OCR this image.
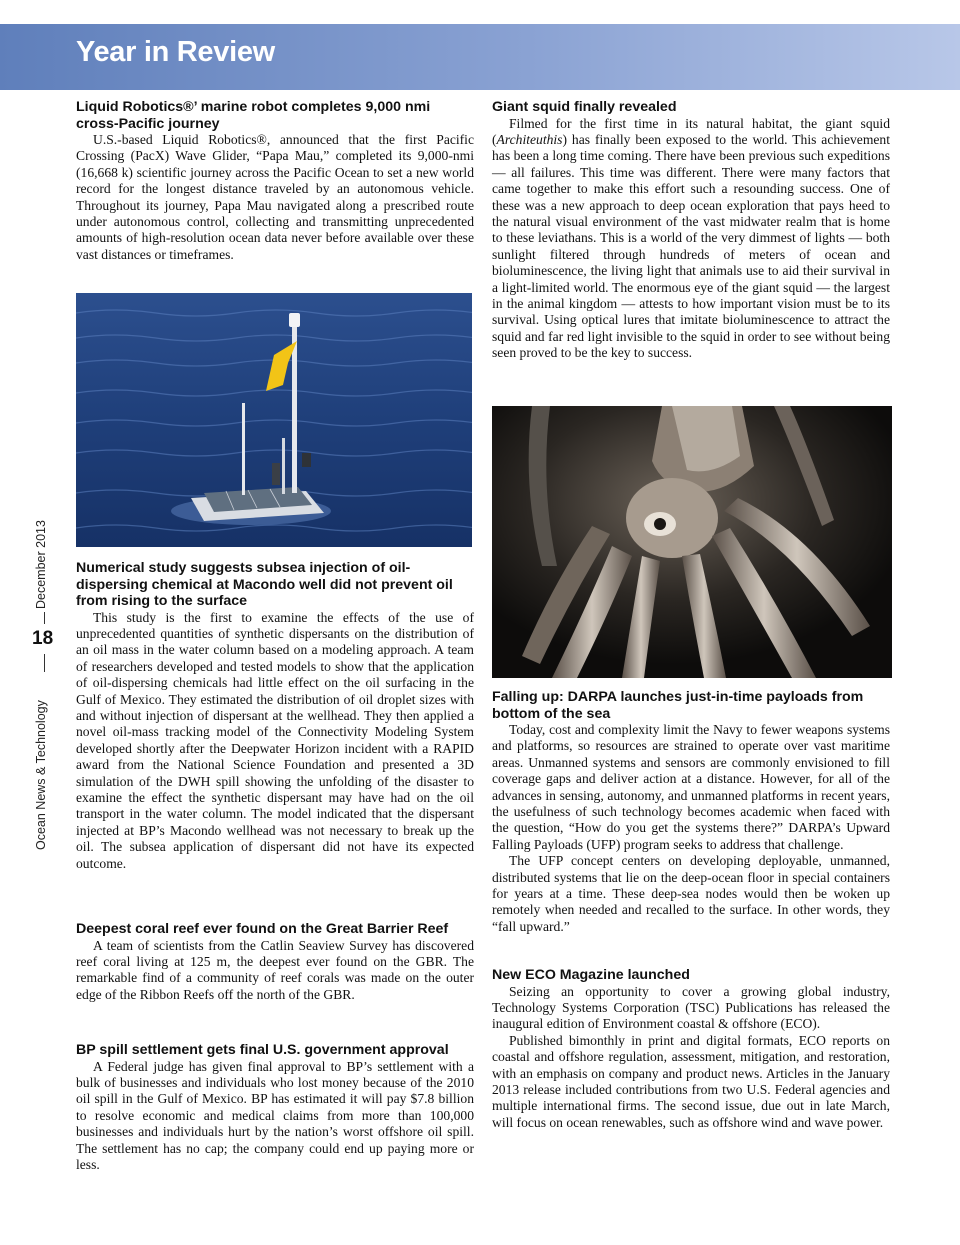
Year in Review
December 2013
Ocean News & Technology
18

Liquid Robotics®’ marine robot completes 9,000 nmi cross-Pacific journey

U.S.-based Liquid Robotics®, announced that the first Pacific Crossing (PacX) Wave Glider, “Papa Mau,” completed its 9,000-nmi (16,668 k) scientific journey across the Pacific Ocean to set a new world record for the longest distance traveled by an autonomous vehicle. Throughout its journey, Papa Mau navigated along a prescribed route under autonomous control, collecting and transmitting unprecedented amounts of high-resolution ocean data never before available over these vast distances or timeframes.

Numerical study suggests subsea injection of oil-dispersing chemical at Macondo well did not prevent oil from rising to the surface

This study is the first to examine the effects of the use of unprecedented quantities of synthetic dispersants on the distribution of an oil mass in the water column based on a modeling approach. A team of researchers developed and tested models to show that the application of oil-dispersing chemicals had little effect on the oil surfacing in the Gulf of Mexico. They estimated the distribution of oil droplet sizes with and without injection of dispersant at the wellhead. They then applied a novel oil-mass tracking model of the Connectivity Modeling System developed shortly after the Deepwater Horizon incident with a RAPID award from the National Science Foundation and presented a 3D simulation of the DWH spill showing the unfolding of the disaster to examine the effect the synthetic dispersant may have had on the oil transport in the water column. The model indicated that the dispersant injected at BP’s Macondo wellhead was not necessary to break up the oil. The subsea application of dispersant did not have its expected outcome.

Deepest coral reef ever found on the Great Barrier Reef

A team of scientists from the Catlin Seaview Survey has discovered reef coral living at 125 m, the deepest ever found on the GBR. The remarkable find of a community of reef corals was made on the outer edge of the Ribbon Reefs off the north of the GBR.

BP spill settlement gets final U.S. government approval

A Federal judge has given final approval to BP’s settlement with a bulk of businesses and individuals who lost money because of the 2010 oil spill in the Gulf of Mexico. BP has estimated it will pay $7.8 billion to resolve economic and medical claims from more than 100,000 businesses and individuals hurt by the nation’s worst offshore oil spill. The settlement has no cap; the company could end up paying more or less.

Giant squid finally revealed

Filmed for the first time in its natural habitat, the giant squid (Architeuthis) has finally been exposed to the world. This achievement has been a long time coming. There have been previous such expeditions — all failures. This time was different. There were many factors that came together to make this effort such a resounding success. One of these was a new approach to deep ocean exploration that pays heed to the natural visual environment of the vast midwater realm that is home to these leviathans. This is a world of the very dimmest of lights — both sunlight filtered through hundreds of meters of ocean and bioluminescence, the living light that animals use to aid their survival in a light-limited world. The enormous eye of the giant squid — the largest in the animal kingdom — attests to how important vision must be to its survival. Using optical lures that imitate bioluminescence to attract the squid and far red light invisible to the squid in order to see without being seen proved to be the key to success.

Falling up: DARPA launches just-in-time payloads from bottom of the sea

Today, cost and complexity limit the Navy to fewer weapons systems and platforms, so resources are strained to operate over vast maritime areas. Unmanned systems and sensors are commonly envisioned to fill coverage gaps and deliver action at a distance. However, for all of the advances in sensing, autonomy, and unmanned platforms in recent years, the usefulness of such technology becomes academic when faced with the question, “How do you get the systems there?” DARPA’s Upward Falling Payloads (UFP) program seeks to address that challenge.

The UFP concept centers on developing deployable, unmanned, distributed systems that lie on the deep-ocean floor in special containers for years at a time. These deep-sea nodes would then be woken up remotely when needed and recalled to the surface. In other words, they “fall upward.”

New ECO Magazine launched

Seizing an opportunity to cover a growing global industry, Technology Systems Corporation (TSC) Publications has released the inaugural edition of Environment coastal & offshore (ECO).

Published bimonthly in print and digital formats, ECO reports on coastal and offshore regulation, assessment, mitigation, and restoration, with an emphasis on company and product news. Articles in the January 2013 release included contributions from two U.S. Federal agencies and multiple international firms. The second issue, due out in late March, will focus on ocean renewables, such as offshore wind and wave power.
